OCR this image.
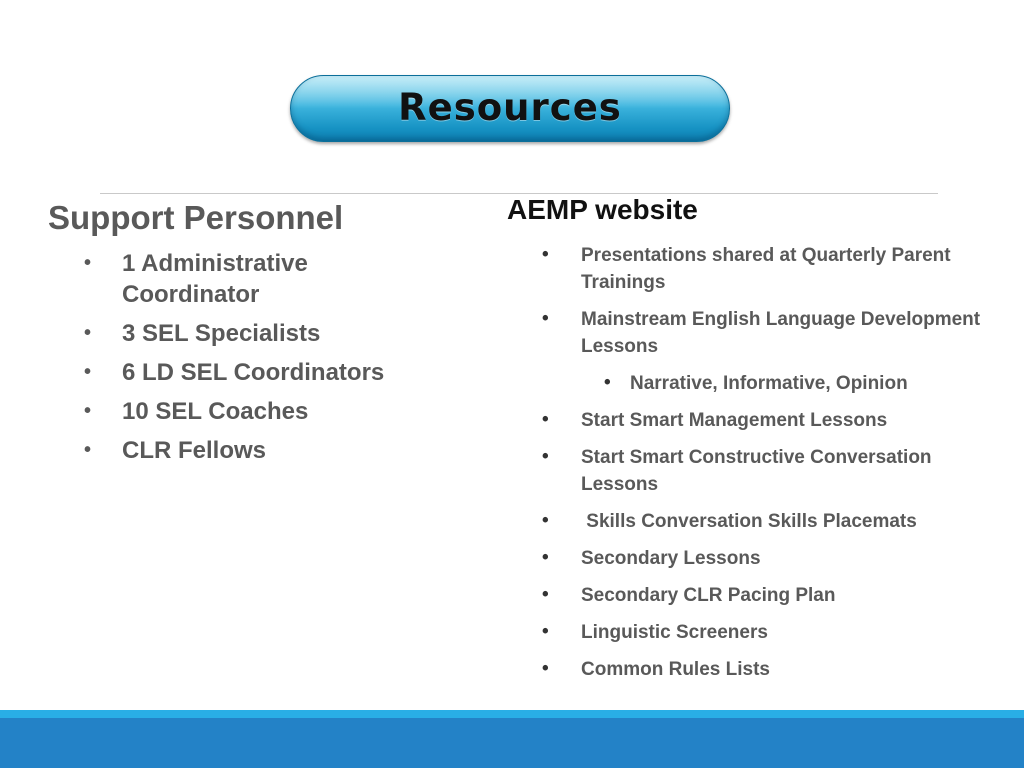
Resources
Support Personnel
• 1 Administrative Coordinator
• 3 SEL Specialists
• 6 LD SEL Coordinators
• 10 SEL Coaches
• CLR Fellows
AEMP website
• Presentations shared at Quarterly Parent Trainings
• Mainstream English Language Development Lessons
• Narrative, Informative, Opinion
• Start Smart Management Lessons
• Start Smart Constructive Conversation Lessons
• Skills Conversation Skills Placemats
• Secondary Lessons
• Secondary CLR Pacing Plan
• Linguistic Screeners
• Common Rules Lists
